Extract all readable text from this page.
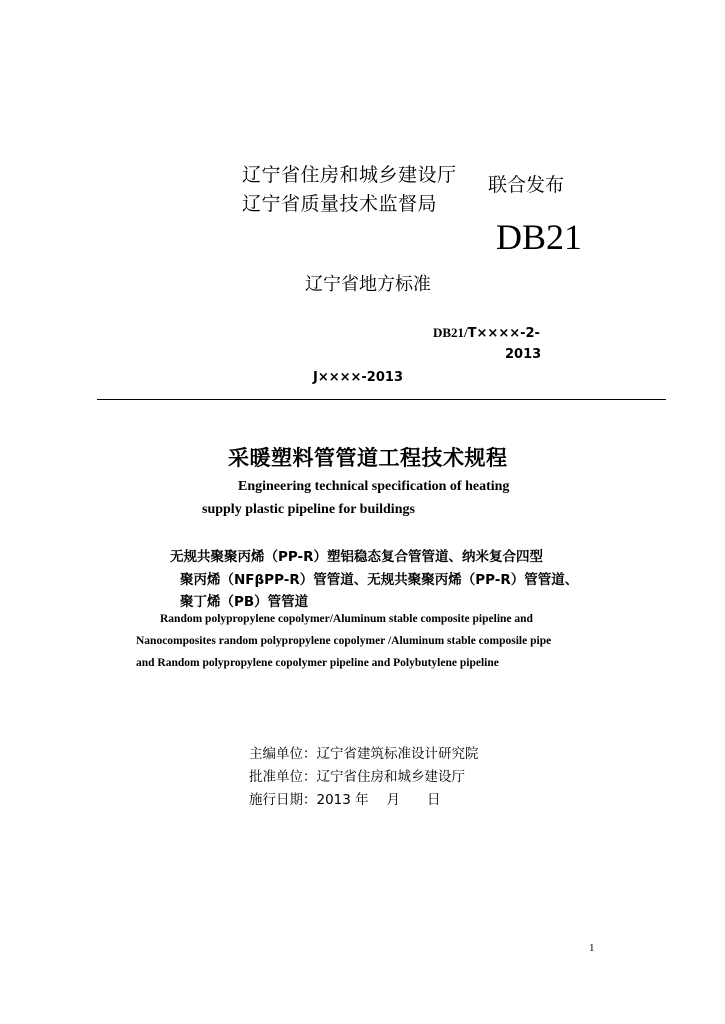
辽宁省住房和城乡建设厅
辽宁省质量技术监督局
联合发布
DB21
辽宁省地方标准
DB21/T××××-2-
2013
J××××-2013
采暖塑料管管道工程技术规程
Engineering technical specification of heating
supply plastic pipeline for buildings
无规共聚聚丙烯（PP-R）塑铝稳态复合管管道、纳米复合四型
聚丙烯（NFβPP-R）管管道、无规共聚聚丙烯（PP-R）管管道、
聚丁烯（PB）管管道
Random polypropylene copolymer/Aluminum stable composite pipeline and
Nanocomposites random polypropylene copolymer /Aluminum stable composile pipe
and Random polypropylene copolymer pipeline and Polybutylene pipeline
主编单位：辽宁省建筑标准设计研究院
批准单位：辽宁省住房和城乡建设厅
施行日期：2013 年　 月　　日
1
